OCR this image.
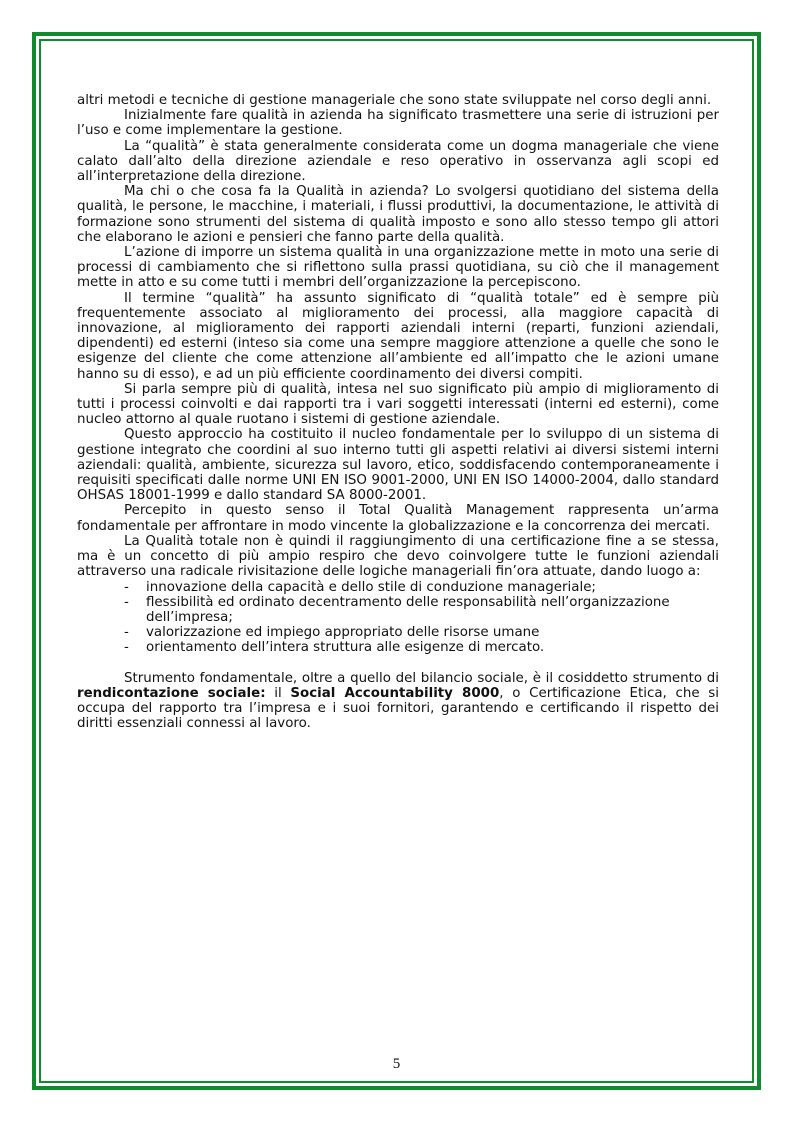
altri metodi e tecniche di gestione manageriale che sono state sviluppate nel corso degli anni.

Inizialmente fare qualità in azienda ha significato trasmettere una serie di istruzioni per l’uso e come implementare la gestione.

La “qualità” è stata generalmente considerata come un dogma manageriale che viene calato dall’alto della direzione aziendale e reso operativo in osservanza agli scopi ed all’interpretazione della direzione.

Ma chi o che cosa fa la Qualità in azienda? Lo svolgersi quotidiano del sistema della qualità, le persone, le macchine, i materiali, i flussi produttivi, la documentazione, le attività di formazione sono strumenti del sistema di qualità imposto e sono allo stesso tempo gli attori che elaborano le azioni e pensieri che fanno parte della qualità.

L’azione di imporre un sistema qualità in una organizzazione mette in moto una serie di processi di cambiamento che si riflettono sulla prassi quotidiana, su ciò che il management mette in atto e su come tutti i membri dell’organizzazione la percepiscono.

Il termine “qualità” ha assunto significato di “qualità totale” ed è sempre più frequentemente associato al miglioramento dei processi, alla maggiore capacità di innovazione, al miglioramento dei rapporti aziendali interni (reparti, funzioni aziendali, dipendenti) ed esterni (inteso sia come una sempre maggiore attenzione a quelle che sono le esigenze del cliente che come attenzione all’ambiente ed all’impatto che le azioni umane hanno su di esso), e ad un più efficiente coordinamento dei diversi compiti.

Si parla sempre più di qualità, intesa nel suo significato più ampio di miglioramento di tutti i processi coinvolti e dai rapporti tra i vari soggetti interessati (interni ed esterni), come nucleo attorno al quale ruotano i sistemi di gestione aziendale.

Questo approccio ha costituito il nucleo fondamentale per lo sviluppo di un sistema di gestione integrato che coordini al suo interno tutti gli aspetti relativi ai diversi sistemi interni aziendali: qualità, ambiente, sicurezza sul lavoro, etico, soddisfacendo contemporaneamente i requisiti specificati dalle norme UNI EN ISO 9001-2000, UNI EN ISO 14000-2004, dallo standard OHSAS 18001-1999 e dallo standard SA 8000-2001.

Percepito in questo senso il Total Qualità Management rappresenta un’arma fondamentale per affrontare in modo vincente la globalizzazione e la concorrenza dei mercati.

La Qualità totale non è quindi il raggiungimento di una certificazione fine a se stessa, ma è un concetto di più ampio respiro che devo coinvolgere tutte le funzioni aziendali attraverso una radicale rivisitazione delle logiche manageriali fin’ora attuate, dando luogo a:

- innovazione della capacità e dello stile di conduzione manageriale;
- flessibilità ed ordinato decentramento delle responsabilità nell’organizzazione dell’impresa;
- valorizzazione ed impiego appropriato delle risorse umane
- orientamento dell’intera struttura alle esigenze di mercato.

Strumento fondamentale, oltre a quello del bilancio sociale, è il cosiddetto strumento di rendicontazione sociale: il Social Accountability 8000, o Certificazione Etica, che si occupa del rapporto tra l’impresa e i suoi fornitori, garantendo e certificando il rispetto dei diritti essenziali connessi al lavoro.

5
